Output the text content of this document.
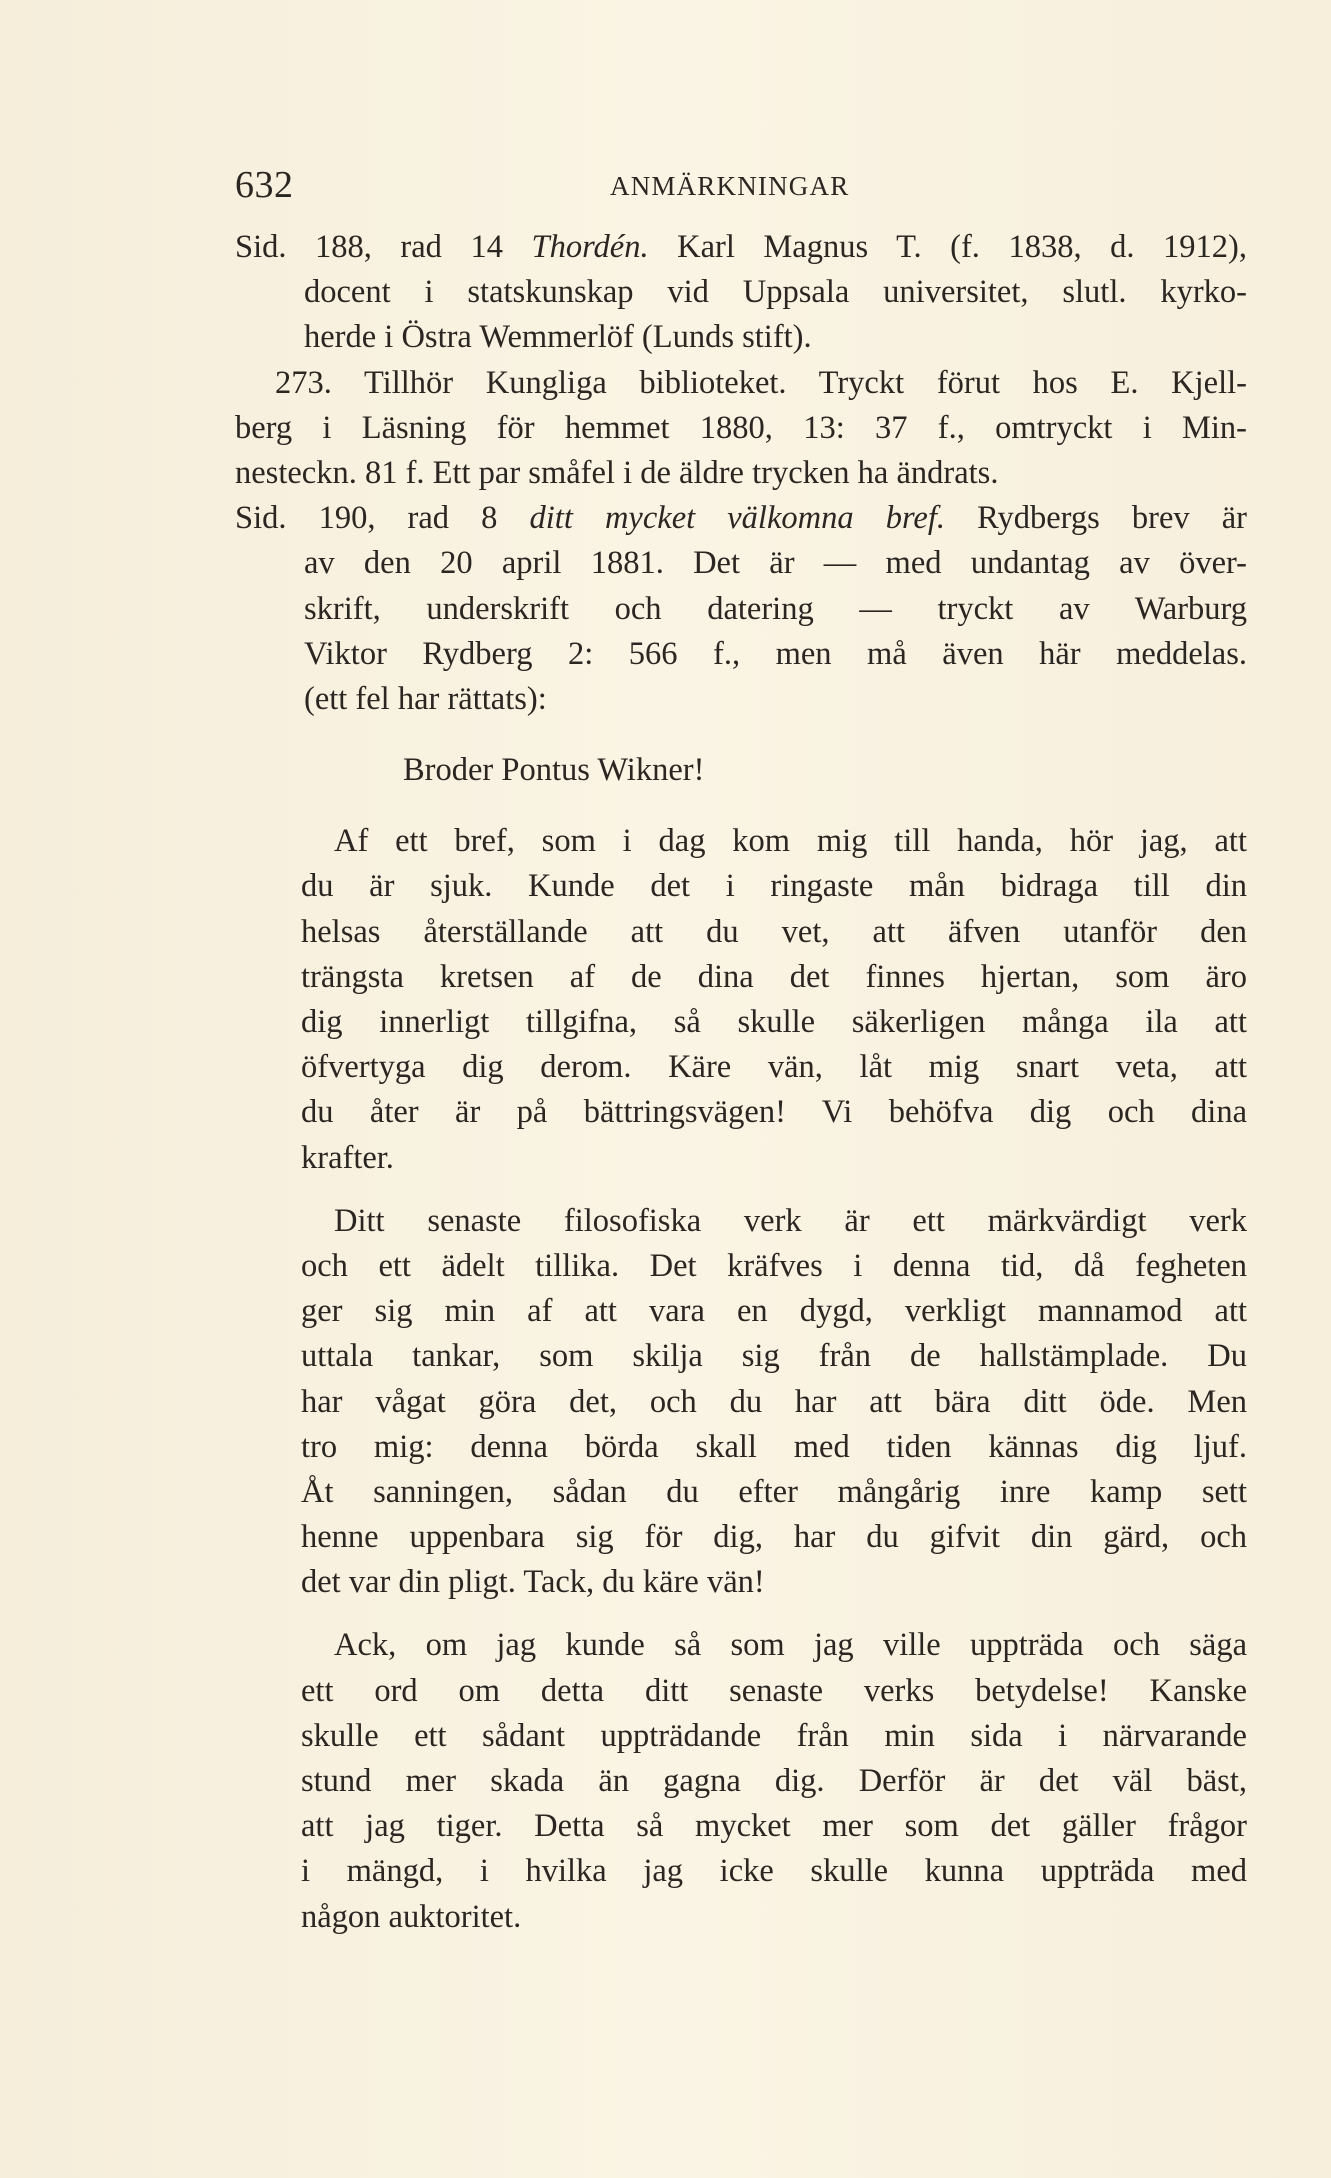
632	ANMÄRKNINGAR
Sid. 188, rad 14 Thordén. Karl Magnus T. (f. 1838, d. 1912),
docent i statskunskap vid Uppsala universitet, slutl. kyrko-
herde i Östra Wemmerlöf (Lunds stift).
273. Tillhör Kungliga biblioteket. Tryckt förut hos E. Kjell-
berg i Läsning för hemmet 1880, 13: 37 f., omtryckt i Min-
nesteckn. 81 f. Ett par småfel i de äldre trycken ha ändrats.
Sid. 190, rad 8 ditt mycket välkomna bref. Rydbergs brev är
av den 20 april 1881. Det är — med undantag av över-
skrift, underskrift och datering — tryckt av Warburg
Viktor Rydberg 2: 566 f., men må även här meddelas.
(ett fel har rättats):
Broder Pontus Wikner!
Af ett bref, som i dag kom mig till handa, hör jag, att
du är sjuk. Kunde det i ringaste mån bidraga till din
helsas återställande att du vet, att äfven utanför den
trängsta kretsen af de dina det finnes hjertan, som äro
dig innerligt tillgifna, så skulle säkerligen många ila att
öfvertyga dig derom. Käre vän, låt mig snart veta, att
du åter är på bättringsvägen! Vi behöfva dig och dina
krafter.
Ditt senaste filosofiska verk är ett märkvärdigt verk
och ett ädelt tillika. Det kräfves i denna tid, då fegheten
ger sig min af att vara en dygd, verkligt mannamod att
uttala tankar, som skilja sig från de hallstämplade. Du
har vågat göra det, och du har att bära ditt öde. Men
tro mig: denna börda skall med tiden kännas dig ljuf.
Åt sanningen, sådan du efter mångårig inre kamp sett
henne uppenbara sig för dig, har du gifvit din gärd, och
det var din pligt. Tack, du käre vän!
Ack, om jag kunde så som jag ville uppträda och säga
ett ord om detta ditt senaste verks betydelse! Kanske
skulle ett sådant uppträdande från min sida i närvarande
stund mer skada än gagna dig. Derför är det väl bäst,
att jag tiger. Detta så mycket mer som det gäller frågor
i mängd, i hvilka jag icke skulle kunna uppträda med
någon auktoritet.
